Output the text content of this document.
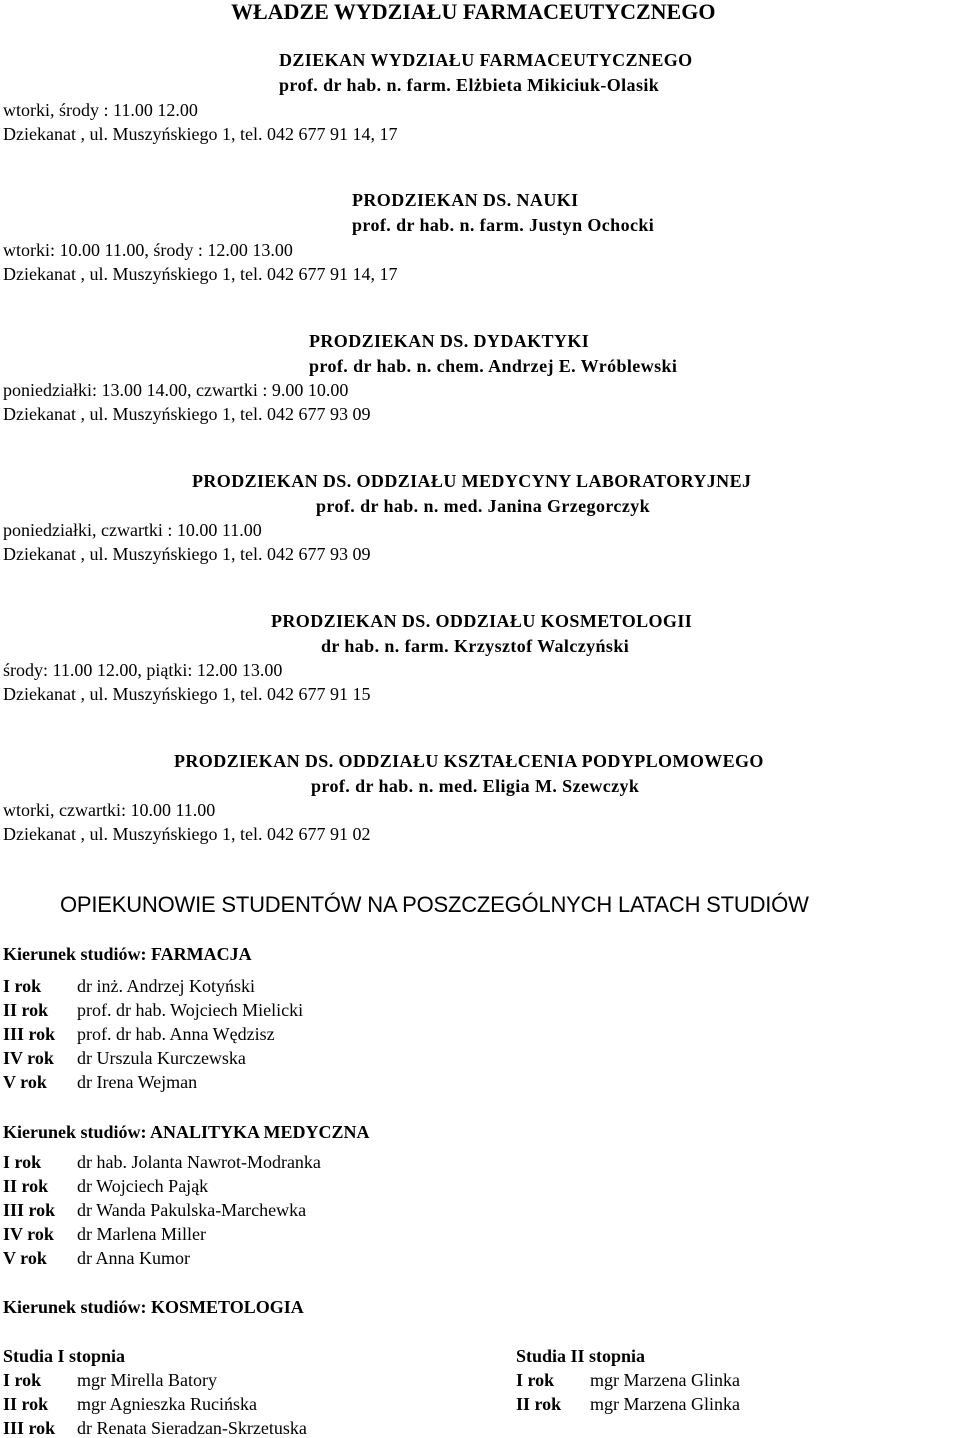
WŁADZE WYDZIAŁU FARMACEUTYCZNEGO
DZIEKAN WYDZIAŁU FARMACEUTYCZNEGO
prof. dr hab. n. farm. Elżbieta Mikiciuk-Olasik
wtorki, środy : 11.00 12.00
Dziekanat , ul. Muszyńskiego 1, tel. 042 677 91 14, 17
PRODZIEKAN DS. NAUKI
prof. dr hab. n. farm. Justyn Ochocki
wtorki: 10.00 11.00, środy : 12.00 13.00
Dziekanat , ul. Muszyńskiego 1, tel. 042 677 91 14, 17
PRODZIEKAN DS. DYDAKTYKI
prof. dr hab. n. chem. Andrzej E. Wróblewski
poniedziałki: 13.00 14.00, czwartki : 9.00 10.00
Dziekanat , ul. Muszyńskiego 1, tel. 042 677 93 09
PRODZIEKAN DS. ODDZIAŁU MEDYCYNY LABORATORYJNEJ
prof. dr hab. n. med. Janina Grzegorczyk
poniedziałki, czwartki : 10.00 11.00
Dziekanat , ul. Muszyńskiego 1, tel. 042 677 93 09
PRODZIEKAN DS. ODDZIAŁU KOSMETOLOGII
dr hab. n. farm. Krzysztof Walczyński
środy: 11.00 12.00, piątki: 12.00 13.00
Dziekanat , ul. Muszyńskiego 1, tel. 042 677 91 15
PRODZIEKAN DS. ODDZIAŁU KSZTAŁCENIA PODYPLOMOWEGO
prof. dr hab. n. med. Eligia M. Szewczyk
wtorki, czwartki: 10.00 11.00
Dziekanat , ul. Muszyńskiego 1, tel. 042 677 91 02
OPIEKUNOWIE STUDENTÓW NA POSZCZEGÓLNYCH LATACH STUDIÓW
Kierunek studiów: FARMACJA
I rok dr inż. Andrzej Kotyński
II rok prof. dr hab. Wojciech Mielicki
III rok prof. dr hab. Anna Wędzisz
IV rok dr Urszula Kurczewska
V rok dr Irena Wejman
Kierunek studiów: ANALITYKA MEDYCZNA
I rok dr hab. Jolanta Nawrot-Modranka
II rok dr Wojciech Pająk
III rok dr Wanda Pakulska-Marchewka
IV rok dr Marlena Miller
V rok dr Anna Kumor
Kierunek studiów: KOSMETOLOGIA
Studia I stopnia
I rok mgr Mirella Batory
II rok mgr Agnieszka Rucińska
III rok dr Renata Sieradzan-Skrzetuska
Studia II stopnia
I rok mgr Marzena Glinka
II rok mgr Marzena Glinka
